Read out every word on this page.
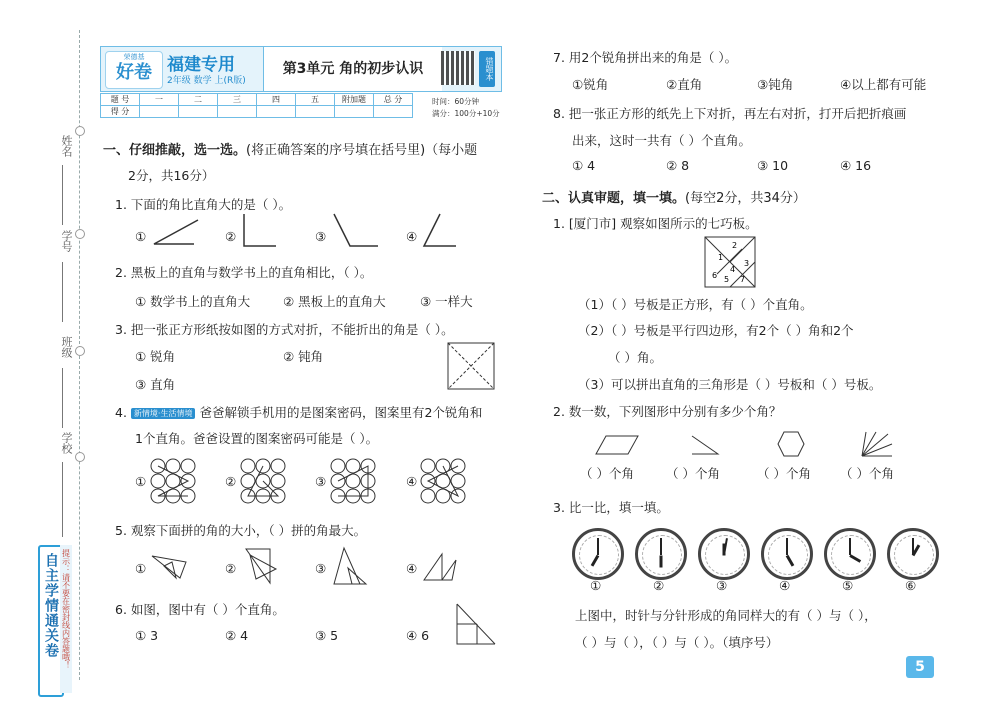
姓名
学号
班级
学校
自主学情通关卷 提示：请不要在密封线内答题哦！
荣德基
好卷 福建专用
2年级 数学 上(R版)
第3单元 角的初步认识	错题本
题 号	一	二	三	四	五	附加题	总 分
得 分							
时间：60分钟
满分：100分+10分
一、仔细推敲，选一选。(将正确答案的序号填在括号里)（每小题
2分，共16分）
1. 下面的角比直角大的是（ ）。
①	②	③	④
2. 黑板上的直角与数学书上的直角相比，（ ）。
① 数学书上的直角大	② 黑板上的直角大	③ 一样大
3. 把一张正方形纸按如图的方式对折，不能折出的角是（ ）。
① 锐角	② 钝角
③ 直角
4. 新情境·生活情境 爸爸解锁手机用的是图案密码，图案里有2个锐角和
1个直角。爸爸设置的图案密码可能是（ ）。
①	②	③	④
5. 观察下面拼的角的大小，（ ）拼的角最大。
①	②	③	④
6. 如图，图中有（ ）个直角。
① 3	② 4	③ 5	④ 6
7. 用2个锐角拼出来的角是（ ）。
①锐角	②直角	③钝角	④以上都有可能
8. 把一张正方形的纸先上下对折，再左右对折，打开后把折痕画
出来，这时一共有（ ）个直角。
① 4	② 8	③ 10	④ 16
二、认真审题，填一填。(每空2分，共34分）
1. [厦门市] 观察如图所示的七巧板。
2
3
1
4
5 7
6
（1）（ ）号板是正方形，有（ ）个直角。
（2）（ ）号板是平行四边形，有2个（ ）角和2个
（ ）角。
（3）可以拼出直角的三角形是（ ）号板和（ ）号板。
2. 数一数，下列图形中分别有多少个角？
（ ）个角	（ ）个角	（ ）个角 （ ）个角
3. 比一比，填一填。
①	②	③	④	⑤	⑥
上图中，时针与分针形成的角同样大的有（ ）与（ ），
（ ）与（ ），（ ）与（ ）。（填序号）
5
